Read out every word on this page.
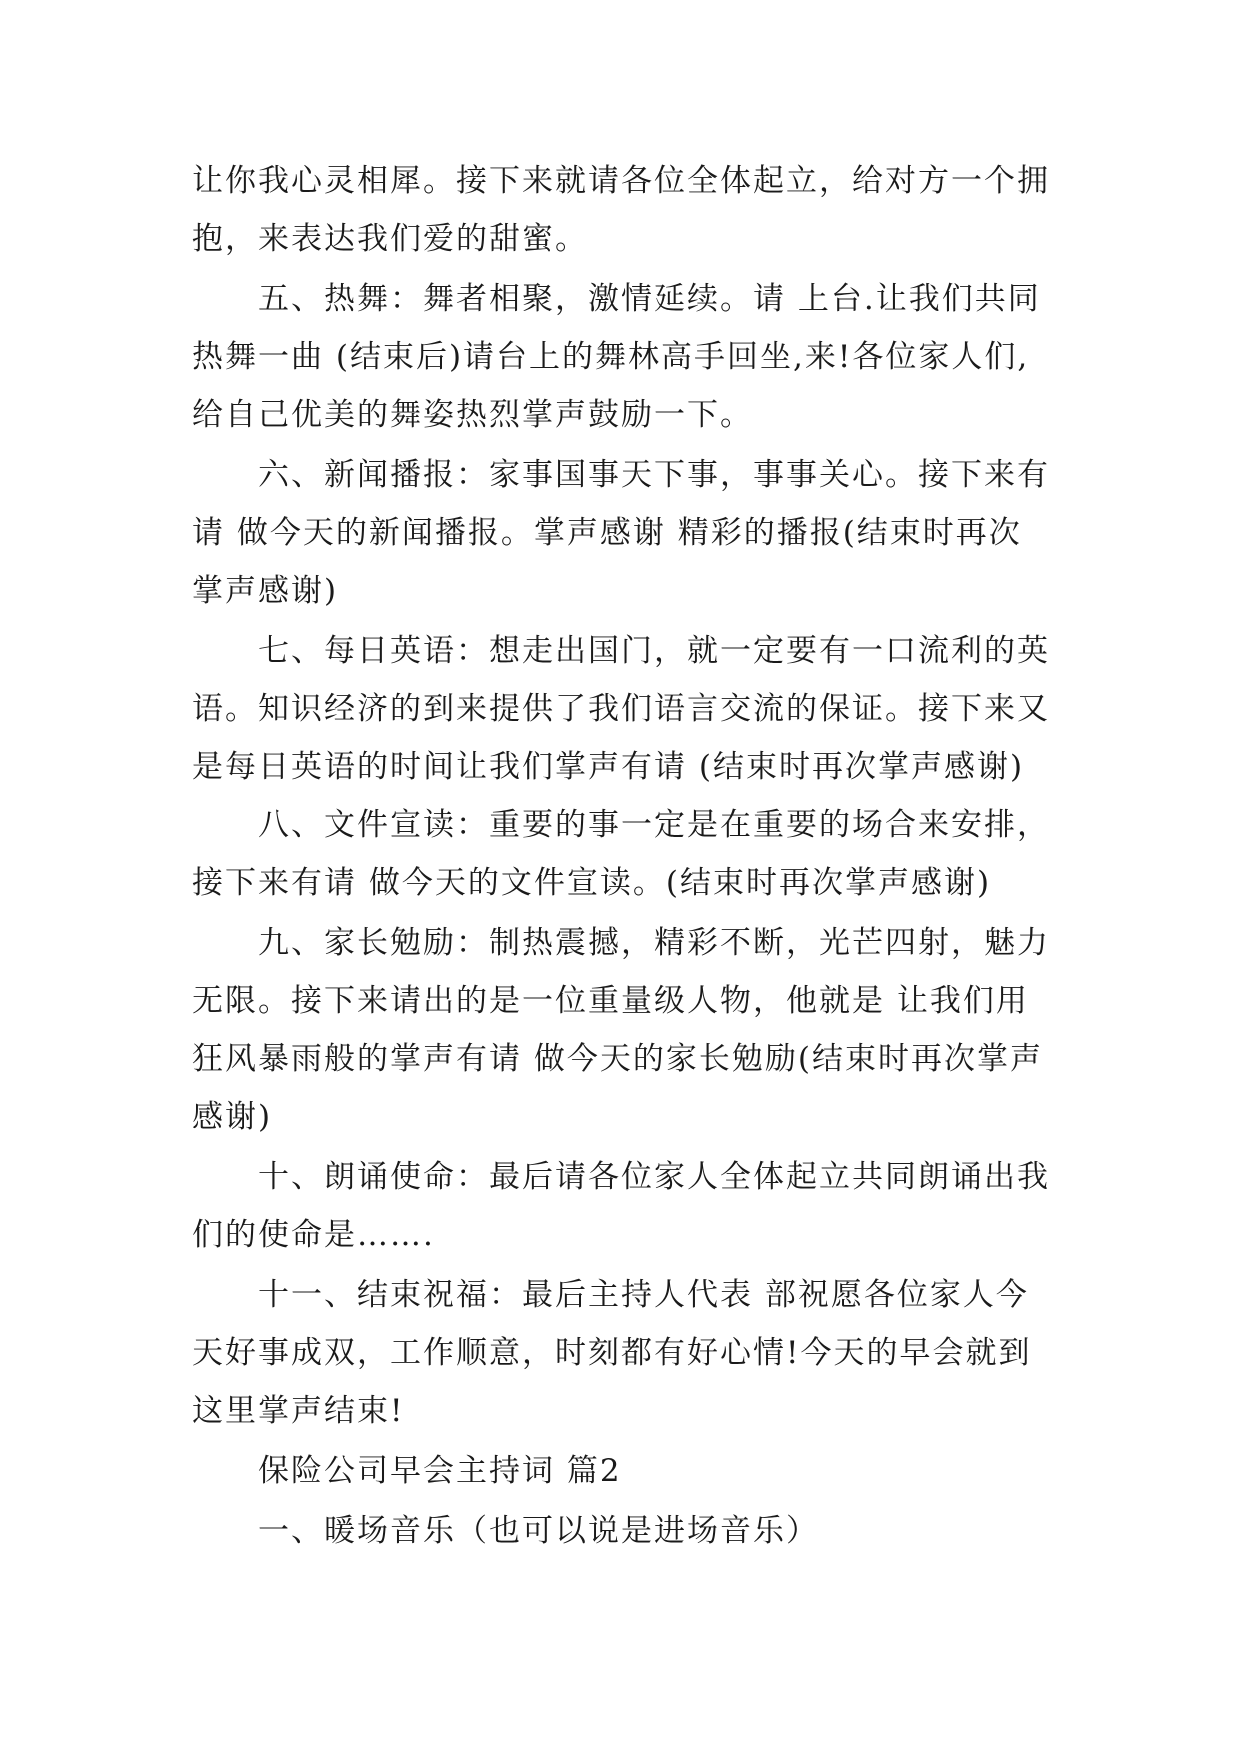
让你我心灵相犀。接下来就请各位全体起立，给对方一个拥
抱，来表达我们爱的甜蜜。
　　五、热舞：舞者相聚，激情延续。请 上台.让我们共同
热舞一曲 (结束后)请台上的舞林高手回坐,来!各位家人们,
给自己优美的舞姿热烈掌声鼓励一下。
　　六、新闻播报：家事国事天下事，事事关心。接下来有
请 做今天的新闻播报。掌声感谢 精彩的播报(结束时再次
掌声感谢)
　　七、每日英语：想走出国门，就一定要有一口流利的英
语。知识经济的到来提供了我们语言交流的保证。接下来又
是每日英语的时间让我们掌声有请 (结束时再次掌声感谢)
　　八、文件宣读：重要的事一定是在重要的场合来安排，
接下来有请 做今天的文件宣读。(结束时再次掌声感谢)
　　九、家长勉励：制热震撼，精彩不断，光芒四射，魅力
无限。接下来请出的是一位重量级人物，他就是 让我们用
狂风暴雨般的掌声有请 做今天的家长勉励(结束时再次掌声
感谢)
　　十、朗诵使命：最后请各位家人全体起立共同朗诵出我
们的使命是…….
　　十一、结束祝福：最后主持人代表 部祝愿各位家人今
天好事成双，工作顺意，时刻都有好心情!今天的早会就到
这里掌声结束!
　　保险公司早会主持词 篇2
　　一、暖场音乐（也可以说是进场音乐）
